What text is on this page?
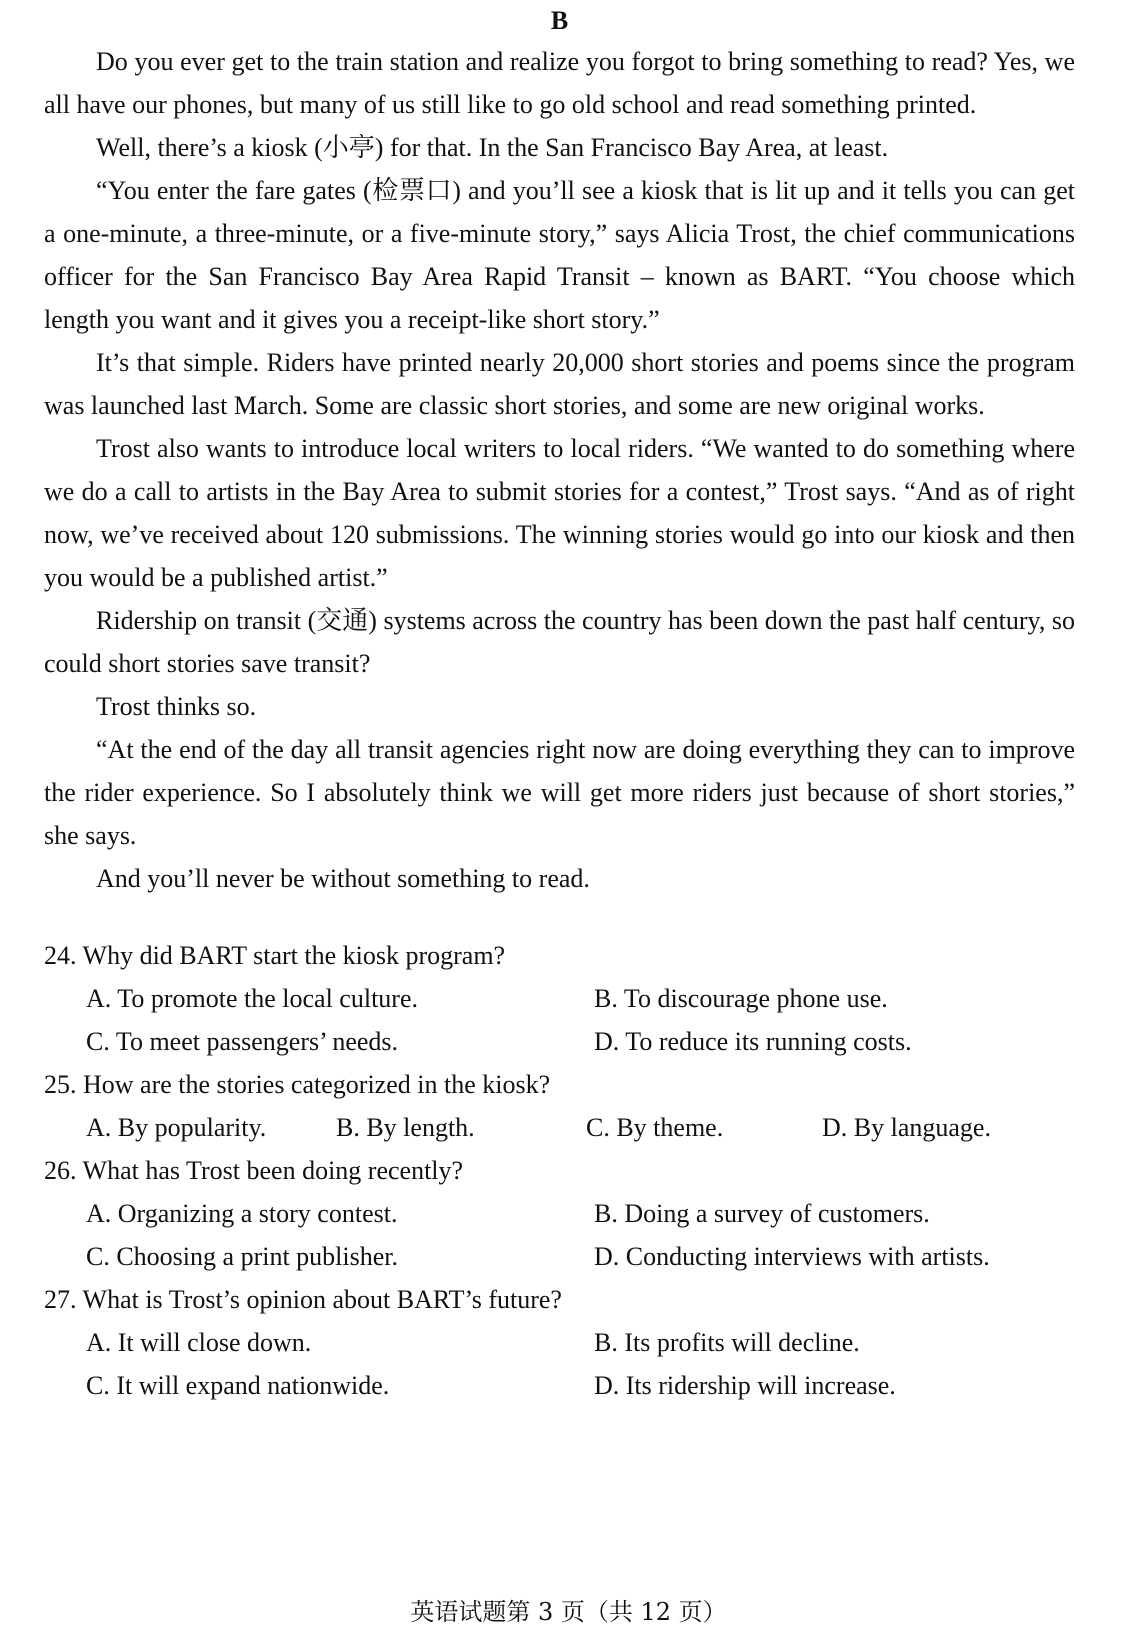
B

Do you ever get to the train station and realize you forgot to bring something to read? Yes, we all have our phones, but many of us still like to go old school and read something printed.

Well, there’s a kiosk (小亭) for that. In the San Francisco Bay Area, at least.

“You enter the fare gates (检票口) and you’ll see a kiosk that is lit up and it tells you can get a one-minute, a three-minute, or a five-minute story,” says Alicia Trost, the chief communications officer for the San Francisco Bay Area Rapid Transit – known as BART. “You choose which length you want and it gives you a receipt-like short story.”

It’s that simple. Riders have printed nearly 20,000 short stories and poems since the program was launched last March. Some are classic short stories, and some are new original works.

Trost also wants to introduce local writers to local riders. “We wanted to do something where we do a call to artists in the Bay Area to submit stories for a contest,” Trost says. “And as of right now, we’ve received about 120 submissions. The winning stories would go into our kiosk and then you would be a published artist.”

Ridership on transit (交通) systems across the country has been down the past half century, so could short stories save transit?

Trost thinks so.

“At the end of the day all transit agencies right now are doing everything they can to improve the rider experience. So I absolutely think we will get more riders just because of short stories,” she says.

And you’ll never be without something to read.

24. Why did BART start the kiosk program?
A. To promote the local culture.	B. To discourage phone use.
C. To meet passengers’ needs.	D. To reduce its running costs.
25. How are the stories categorized in the kiosk?
A. By popularity.	B. By length.	C. By theme.	D. By language.
26. What has Trost been doing recently?
A. Organizing a story contest.	B. Doing a survey of customers.
C. Choosing a print publisher.	D. Conducting interviews with artists.
27. What is Trost’s opinion about BART’s future?
A. It will close down.	B. Its profits will decline.
C. It will expand nationwide.	D. Its ridership will increase.
英语试题第 3 页（共 12 页）
